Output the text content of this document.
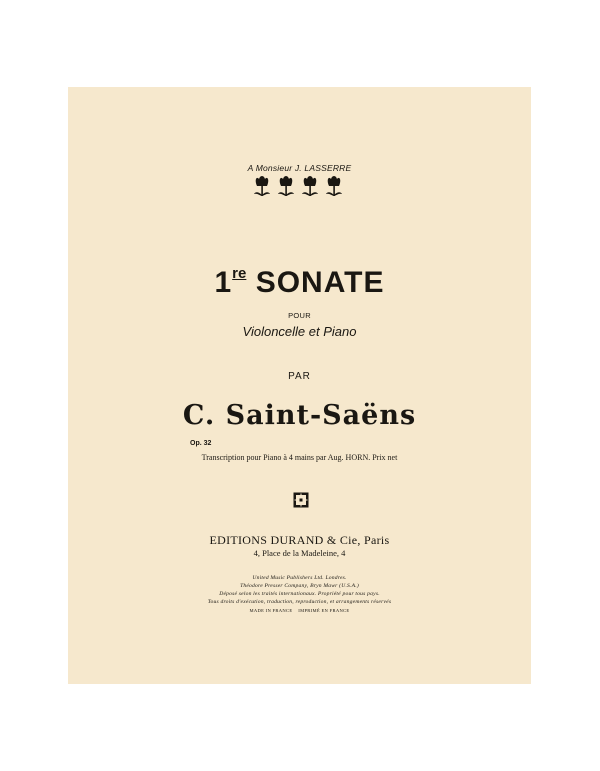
A Monsieur J. LASSERRE
1re SONATE
POUR
Violoncelle et Piano
PAR
C. Saint-Saëns
Op. 32
Transcription pour Piano à 4 mains par Aug. HORN. Prix net
EDITIONS DURAND & Cie, Paris
4, Place de la Madeleine, 4
United Music Publishers Ltd. Londres.
Théodore Presser Company, Bryn Mawr (U.S.A.)
Déposé selon les traités internationaux. Propriété pour tous pays.
Tous droits d'exécution, traduction, reproduction, et arrangements réservés
MADE IN FRANCE    IMPRIMÉ EN FRANCE
